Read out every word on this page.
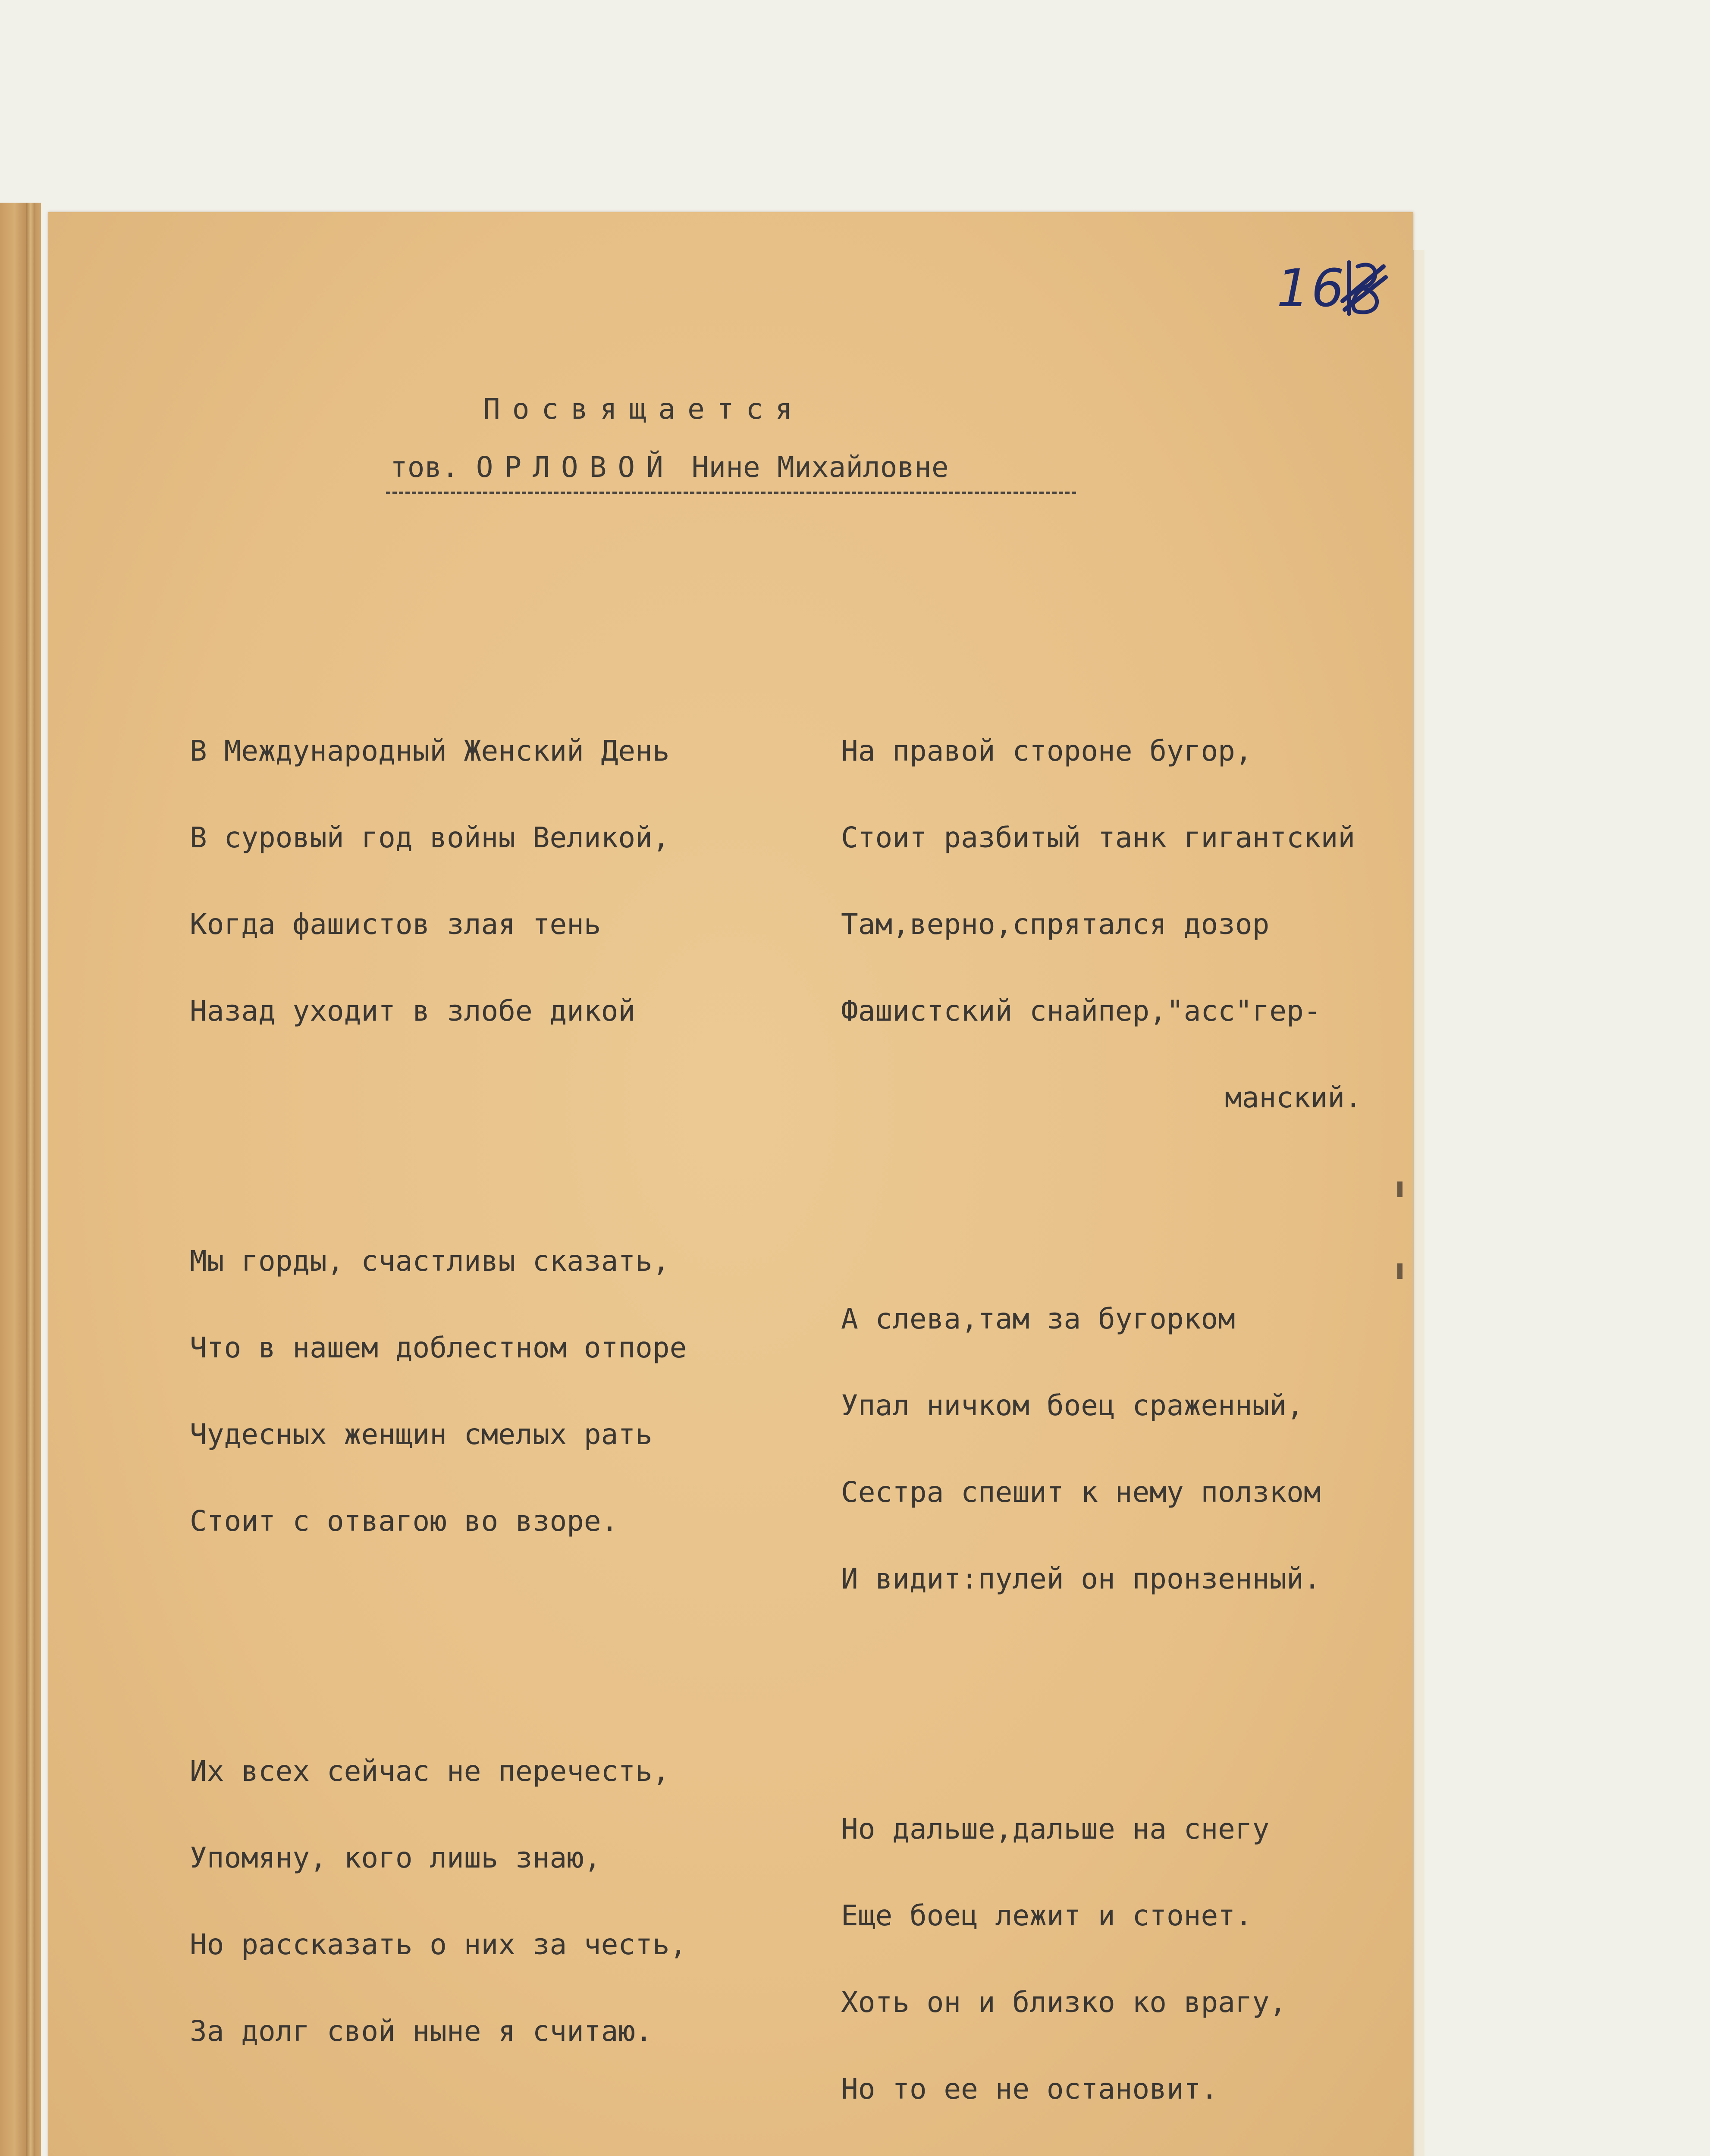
16.
Посвящается
тов. ОРЛОВОЙ Нине Михайловне

В Международный Женский День

В суровый год войны Великой,

Когда фашистов злая тень

Назад уходит в злобе дикой

Мы горды, счастливы сказать,

Что в нашем доблестном отпоре

Чудесных женщин смелых рать

Стоит с отвагою во взоре.

Их всех сейчас не перечесть,

Упомяну, кого лишь знаю,

Но рассказать о них за честь,

За долг свой ныне я считаю.

На правой стороне бугор,

Стоит разбитый танк гигантский

Там,верно,спрятался дозор

Фашистский снайпер,"асс"гер-

манский.

А слева,там за бугорком

Упал ничком боец сраженный,

Сестра спешит к нему ползком

И видит:пулей он пронзенный.

Но дальше,дальше на снегу

Еще боец лежит и стонет.

Хоть он и близко ко врагу,

Но то ее не остановит.
